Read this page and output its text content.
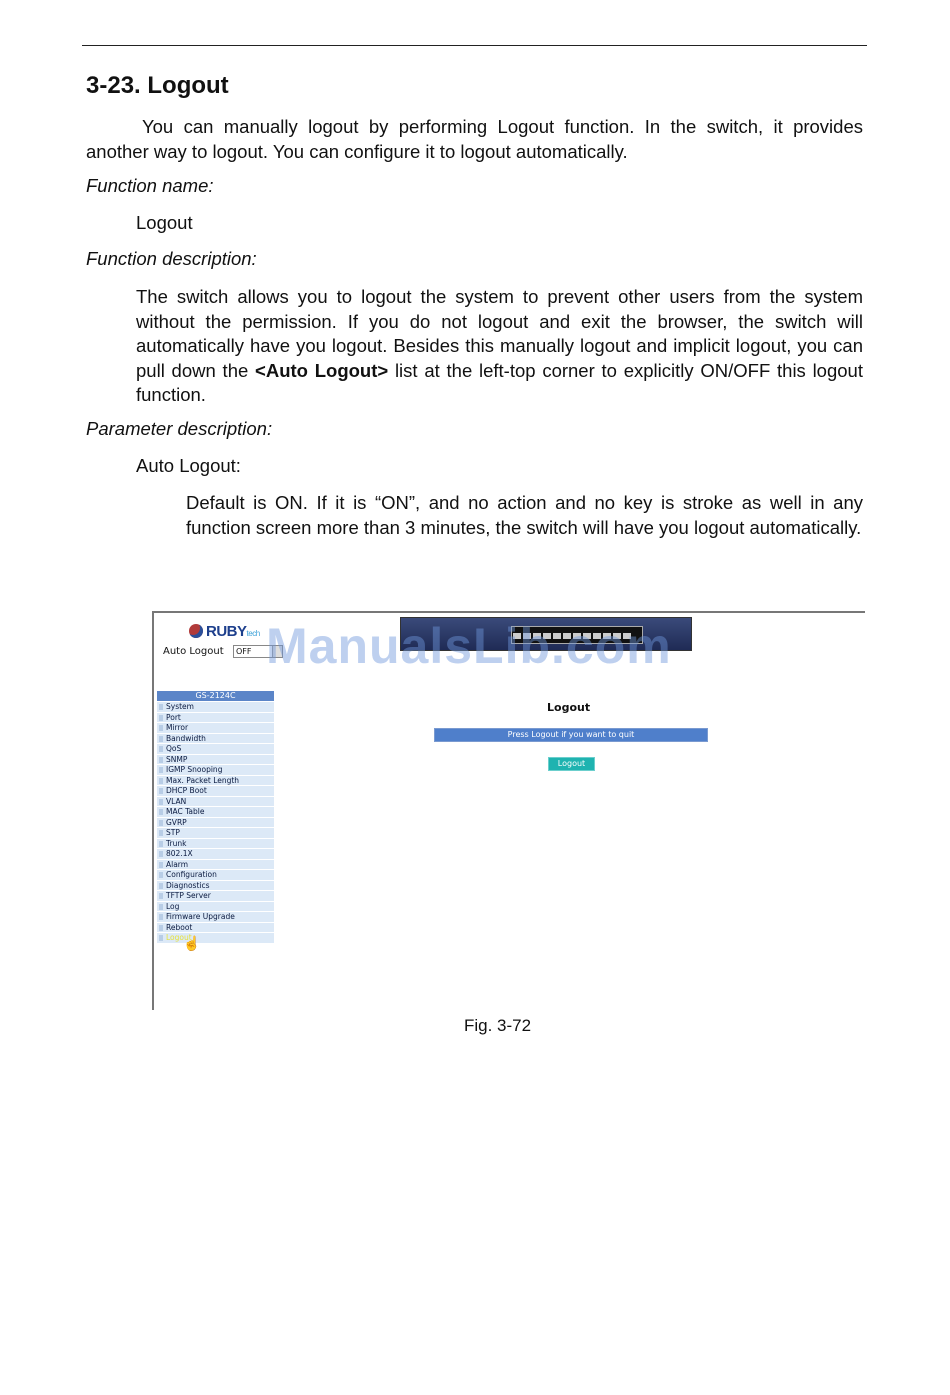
3-23. Logout
You can manually logout by performing Logout function. In the switch, it provides another way to logout. You can configure it to logout automatically.
Function name:
Logout
Function description:
The switch allows you to logout the system to prevent other users from the system without the permission. If you do not logout and exit the browser, the switch will automatically have you logout. Besides this manually logout and implicit logout, you can pull down the <Auto Logout> list at the left-top corner to explicitly ON/OFF this logout function.
Parameter description:
Auto Logout:
Default is ON. If it is “ON”, and no action and no key is stroke as well in any function screen more than 3 minutes, the switch will have you logout automatically.
RUBYtech
Auto Logout	OFF ManualsLib.com
GS-2124C
System
Port
Mirror
Bandwidth
QoS
SNMP
IGMP Snooping
Max. Packet Length
DHCP Boot
VLAN
MAC Table
GVRP
STP
Trunk
802.1X
Alarm
Configuration
Diagnostics
TFTP Server
Log
Firmware Upgrade
Reboot
Logout
☝
Logout
Press Logout if you want to quit
Logout
Fig. 3-72
